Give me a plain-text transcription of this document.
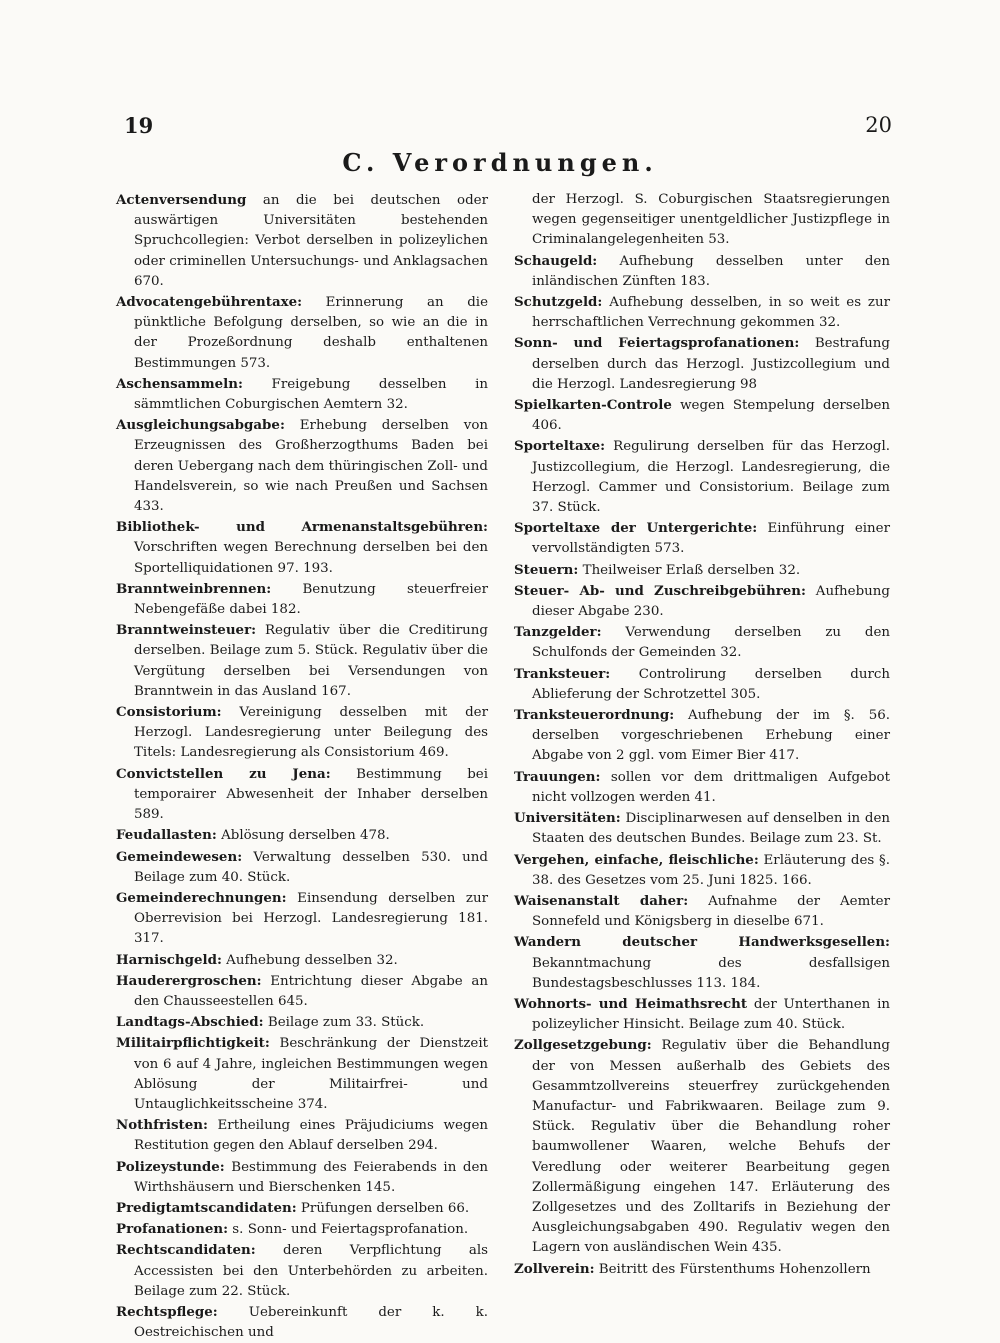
19	20
C. Verordnungen.

Actenversendung an die bei deutschen oder auswärtigen Universitäten bestehenden Spruchcollegien: Verbot derselben in polizeylichen oder criminellen Untersuchungs- und Anklagsachen 670.

Advocatengebührentaxe: Erinnerung an die pünktliche Befolgung derselben, so wie an die in der Prozeßordnung deshalb enthaltenen Bestimmungen 573.

Aschensammeln: Freigebung desselben in sämmtlichen Coburgischen Aemtern 32.

Ausgleichungsabgabe: Erhebung derselben von Erzeugnissen des Großherzogthums Baden bei deren Uebergang nach dem thüringischen Zoll- und Handelsverein, so wie nach Preußen und Sachsen 433.

Bibliothek- und Armenanstaltsgebühren: Vorschriften wegen Berechnung derselben bei den Sportelliquidationen 97. 193.

Branntweinbrennen: Benutzung steuerfreier Nebengefäße dabei 182.

Branntweinsteuer: Regulativ über die Creditirung derselben. Beilage zum 5. Stück. Regulativ über die Vergütung derselben bei Versendungen von Branntwein in das Ausland 167.

Consistorium: Vereinigung desselben mit der Herzogl. Landesregierung unter Beilegung des Titels: Landesregierung als Consistorium 469.

Convictstellen zu Jena: Bestimmung bei temporairer Abwesenheit der Inhaber derselben 589.

Feudallasten: Ablösung derselben 478.

Gemeindewesen: Verwaltung desselben 530. und Beilage zum 40. Stück.

Gemeinderechnungen: Einsendung derselben zur Oberrevision bei Herzogl. Landesregierung 181. 317.

Harnischgeld: Aufhebung desselben 32.

Hauderergroschen: Entrichtung dieser Abgabe an den Chausseestellen 645.

Landtags-Abschied: Beilage zum 33. Stück.

Militairpflichtigkeit: Beschränkung der Dienstzeit von 6 auf 4 Jahre, ingleichen Bestimmungen wegen Ablösung der Militairfrei- und Untauglichkeitsscheine 374.

Nothfristen: Ertheilung eines Präjudiciums wegen Restitution gegen den Ablauf derselben 294.

Polizeystunde: Bestimmung des Feierabends in den Wirthshäusern und Bierschenken 145.

Predigtamtscandidaten: Prüfungen derselben 66.

Profanationen: s. Sonn- und Feiertagsprofanation.

Rechtscandidaten: deren Verpflichtung als Accessisten bei den Unterbehörden zu arbeiten. Beilage zum 22. Stück.

Rechtspflege: Uebereinkunft der k. k. Oestreichischen und

der Herzogl. S. Coburgischen Staatsregierungen wegen gegenseitiger unentgeldlicher Justizpflege in Criminalangelegenheiten 53.

Schaugeld: Aufhebung desselben unter den inländischen Zünften 183.

Schutzgeld: Aufhebung desselben, in so weit es zur herrschaftlichen Verrechnung gekommen 32.

Sonn- und Feiertagsprofanationen: Bestrafung derselben durch das Herzogl. Justizcollegium und die Herzogl. Landesregierung 98

Spielkarten-Controle wegen Stempelung derselben 406.

Sporteltaxe: Regulirung derselben für das Herzogl. Justizcollegium, die Herzogl. Landesregierung, die Herzogl. Cammer und Consistorium. Beilage zum 37. Stück.

Sporteltaxe der Untergerichte: Einführung einer vervollständigten 573.

Steuern: Theilweiser Erlaß derselben 32.

Steuer- Ab- und Zuschreibgebühren: Aufhebung dieser Abgabe 230.

Tanzgelder: Verwendung derselben zu den Schulfonds der Gemeinden 32.

Tranksteuer: Controlirung derselben durch Ablieferung der Schrotzettel 305.

Tranksteuerordnung: Aufhebung der im §. 56. derselben vorgeschriebenen Erhebung einer Abgabe von 2 ggl. vom Eimer Bier 417.

Trauungen: sollen vor dem drittmaligen Aufgebot nicht vollzogen werden 41.

Universitäten: Disciplinarwesen auf denselben in den Staaten des deutschen Bundes. Beilage zum 23. St.

Vergehen, einfache, fleischliche: Erläuterung des §. 38. des Gesetzes vom 25. Juni 1825. 166.

Waisenanstalt daher: Aufnahme der Aemter Sonnefeld und Königsberg in dieselbe 671.

Wandern deutscher Handwerksgesellen: Bekanntmachung des desfallsigen Bundestagsbeschlusses 113. 184.

Wohnorts- und Heimathsrecht der Unterthanen in polizeylicher Hinsicht. Beilage zum 40. Stück.

Zollgesetzgebung: Regulativ über die Behandlung der von Messen außerhalb des Gebiets des Gesammtzollvereins steuerfrey zurückgehenden Manufactur- und Fabrikwaaren. Beilage zum 9. Stück. Regulativ über die Behandlung roher baumwollener Waaren, welche Behufs der Veredlung oder weiterer Bearbeitung gegen Zollermäßigung eingehen 147. Erläuterung des Zollgesetzes und des Zolltarifs in Beziehung der Ausgleichungsabgaben 490. Regulativ wegen den Lagern von ausländischen Wein 435.

Zollverein: Beitritt des Fürstenthums Hohenzollern
